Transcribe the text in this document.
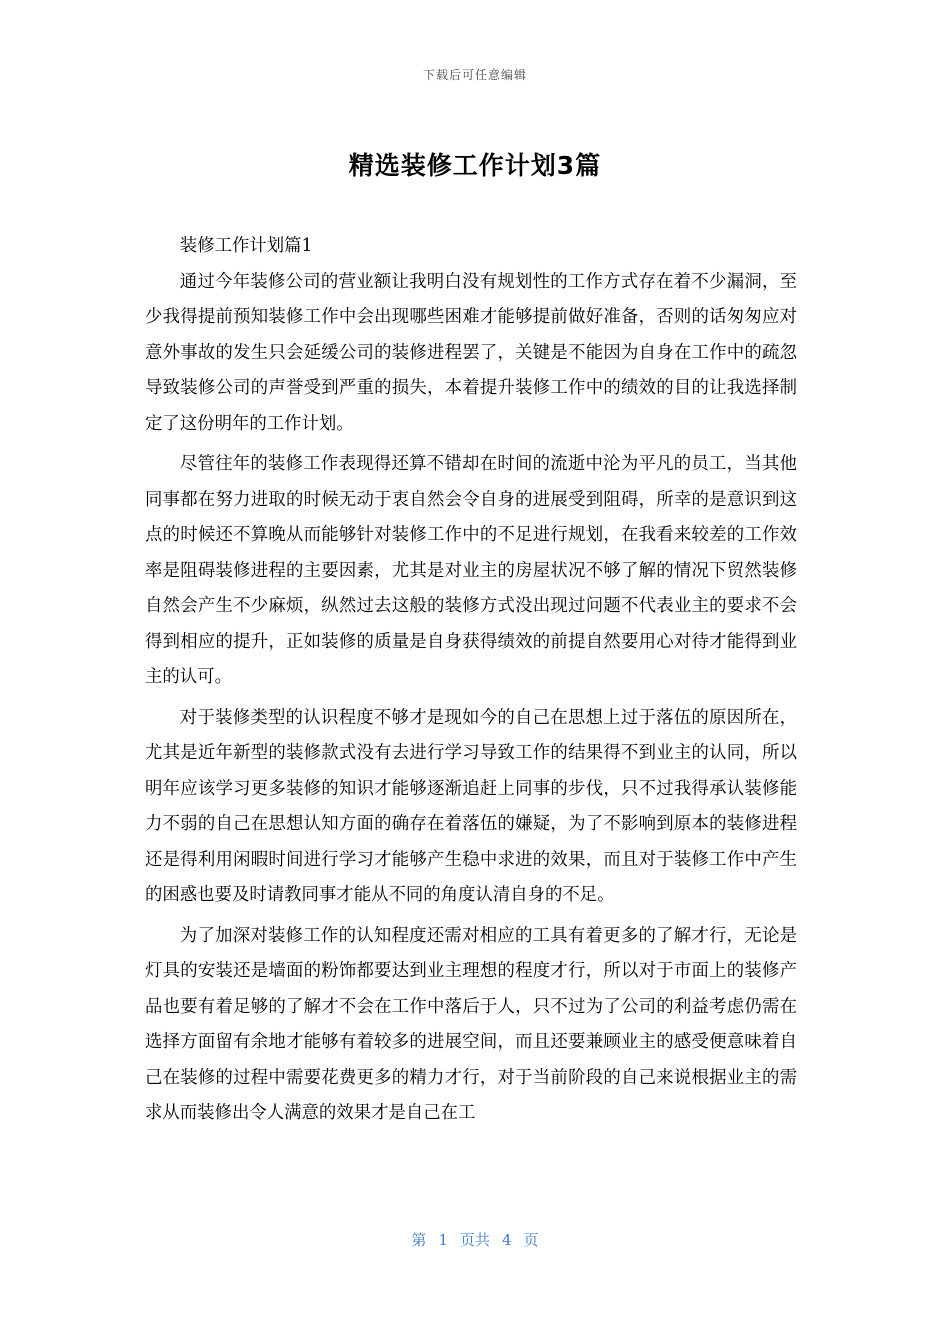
下载后可任意编辑
精选装修工作计划3篇

装修工作计划篇1

通过今年装修公司的营业额让我明白没有规划性的工作方式存在着不少漏洞，至少我得提前预知装修工作中会出现哪些困难才能够提前做好准备，否则的话匆匆应对意外事故的发生只会延缓公司的装修进程罢了，关键是不能因为自身在工作中的疏忽导致装修公司的声誉受到严重的损失，本着提升装修工作中的绩效的目的让我选择制定了这份明年的工作计划。

尽管往年的装修工作表现得还算不错却在时间的流逝中沦为平凡的员工，当其他同事都在努力进取的时候无动于衷自然会令自身的进展受到阻碍，所幸的是意识到这点的时候还不算晚从而能够针对装修工作中的不足进行规划，在我看来较差的工作效率是阻碍装修进程的主要因素，尤其是对业主的房屋状况不够了解的情况下贸然装修自然会产生不少麻烦，纵然过去这般的装修方式没出现过问题不代表业主的要求不会得到相应的提升，正如装修的质量是自身获得绩效的前提自然要用心对待才能得到业主的认可。

对于装修类型的认识程度不够才是现如今的自己在思想上过于落伍的原因所在，尤其是近年新型的装修款式没有去进行学习导致工作的结果得不到业主的认同，所以明年应该学习更多装修的知识才能够逐渐追赶上同事的步伐，只不过我得承认装修能力不弱的自己在思想认知方面的确存在着落伍的嫌疑，为了不影响到原本的装修进程还是得利用闲暇时间进行学习才能够产生稳中求进的效果，而且对于装修工作中产生的困惑也要及时请教同事才能从不同的角度认清自身的不足。

为了加深对装修工作的认知程度还需对相应的工具有着更多的了解才行，无论是灯具的安装还是墙面的粉饰都要达到业主理想的程度才行，所以对于市面上的装修产品也要有着足够的了解才不会在工作中落后于人，只不过为了公司的利益考虑仍需在选择方面留有余地才能够有着较多的进展空间，而且还要兼顾业主的感受便意味着自己在装修的过程中需要花费更多的精力才行，对于当前阶段的自己来说根据业主的需求从而装修出令人满意的效果才是自己在工

第 1 页共 4 页
